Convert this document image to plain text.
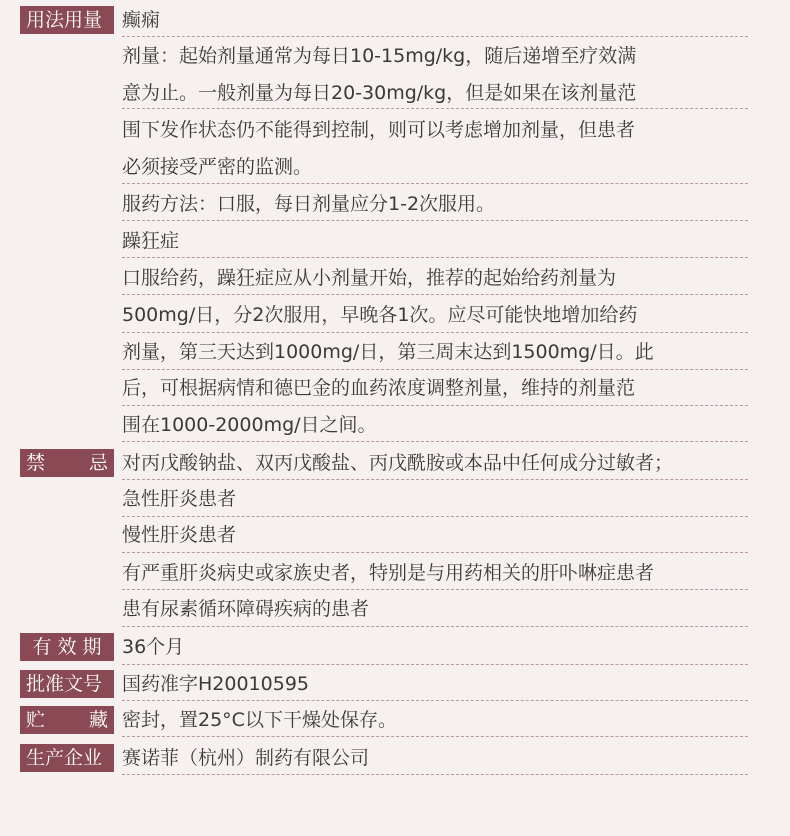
用法用量 癫痫
剂量：起始剂量通常为每日10-15mg/kg，随后递增至疗效满
意为止。一般剂量为每日20-30mg/kg，但是如果在该剂量范
围下发作状态仍不能得到控制，则可以考虑增加剂量，但患者
必须接受严密的监测。
服药方法：口服，每日剂量应分1-2次服用。
躁狂症
口服给药，躁狂症应从小剂量开始，推荐的起始给药剂量为
500mg/日，分2次服用，早晚各1次。应尽可能快地增加给药
剂量，第三天达到1000mg/日，第三周末达到1500mg/日。此
后，可根据病情和德巴金的血药浓度调整剂量，维持的剂量范
围在1000-2000mg/日之间。
禁 忌 对丙戊酸钠盐、双丙戊酸盐、丙戊酰胺或本品中任何成分过敏者；
急性肝炎患者
慢性肝炎患者
有严重肝炎病史或家族史者，特别是与用药相关的肝卟啉症患者
患有尿素循环障碍疾病的患者
有 效 期 36个月
批准文号 国药准字H20010595
贮 藏 密封，置25°C以下干燥处保存。
生产企业 赛诺菲（杭州）制药有限公司
